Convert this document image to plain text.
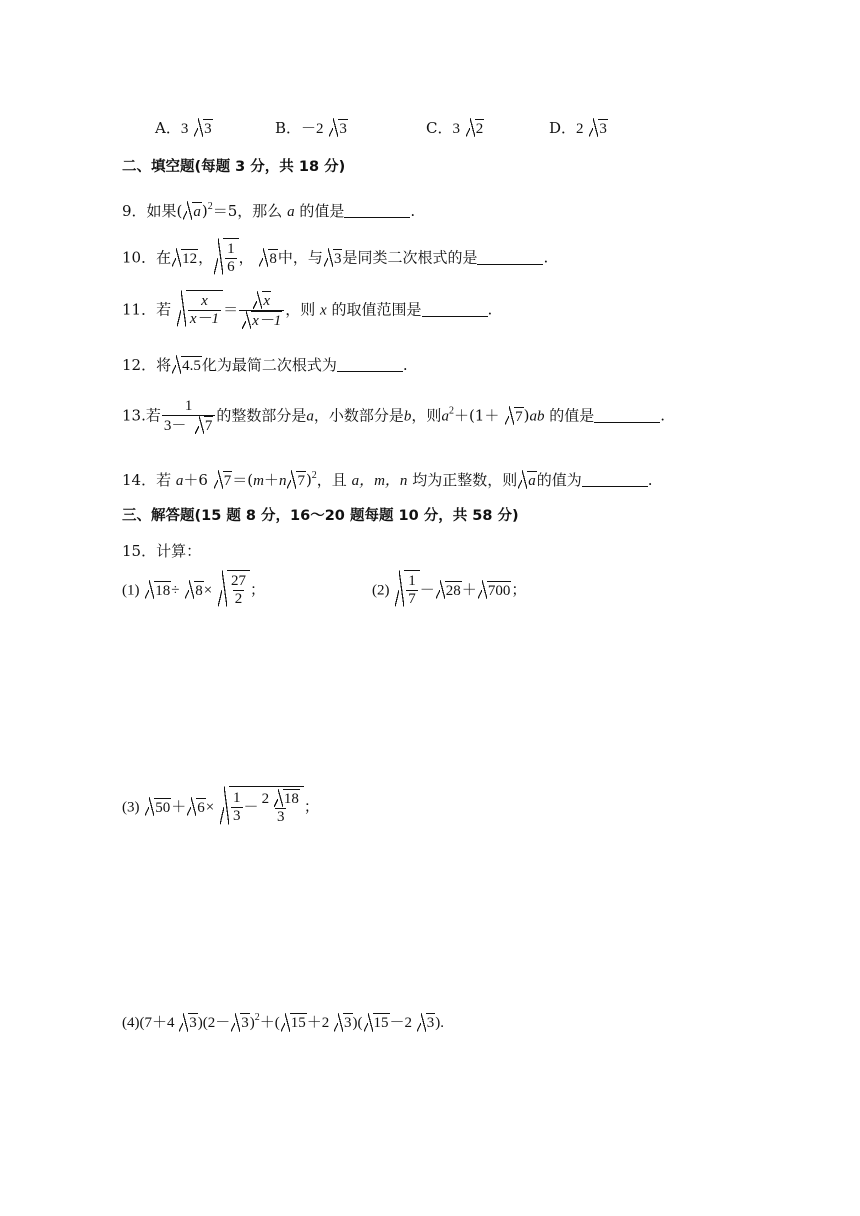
A．3 3	B．－2 3	C．3 2	D．2 3
二、填空题(每题 3 分，共 18 分)
9．如果( a)$^2$＝5，那么 a 的值是	.
10．在 12， $\frac{1}{6}$ ， 8中，与 3是同类二次根式的是	.
11．若 $\frac{x}{x-1} = \frac{x}{x-1}$ ，则 x 的取值范围是	.
12．将 4.5化为最简二次根式为	.
13.若 $\frac{1}{3- 7}$ 的整数部分是a，小数部分是b，则$a^2+(1+ 7)ab$ 的值是	.
14．若 a＋6 7＝(m＋n 7)$^2$，且 a，m，n 均为正整数，则 a的值为	.
三、解答题(15 题 8 分，16～20 题每题 10 分，共 58 分)
15．计算：
(1) $18\div 8\times \frac{27}{2}$ ；	$(2) \frac{1}{7} - 28+ 700$；
(3) $50+ 6\times \frac{1}{3} - \frac{2 18}{3}$ ；
(4)(7＋4 $3)(2- 3)^2+$( 15＋2 3)( 15－2 3).
